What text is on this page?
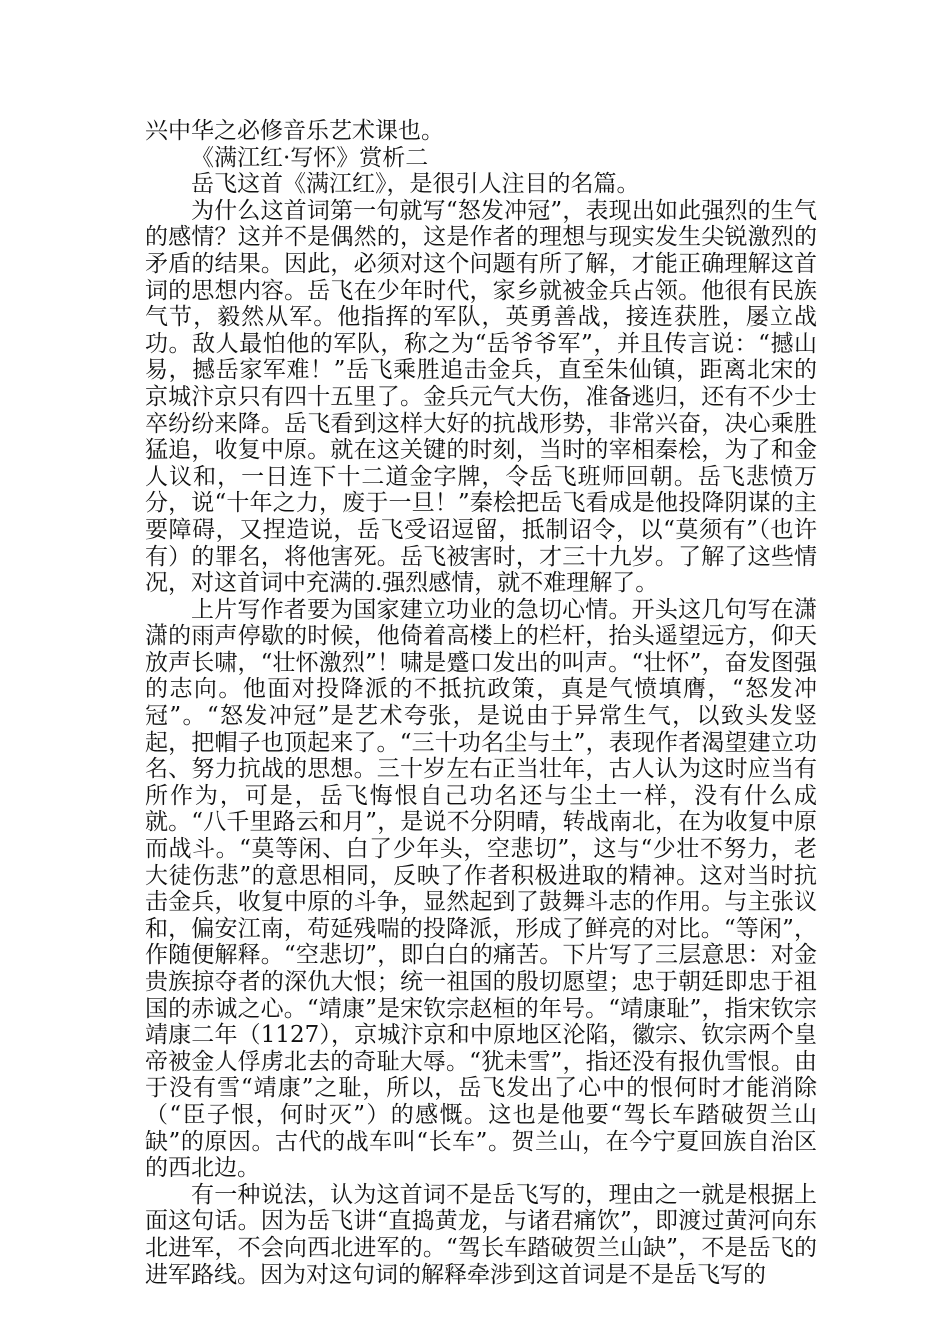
兴中华之必修音乐艺术课也。

《满江红·写怀》赏析二

岳飞这首《满江红》，是很引人注目的名篇。

为什么这首词第一句就写“怒发冲冠”，表现出如此强烈的生气的感情？这并不是偶然的，这是作者的理想与现实发生尖锐激烈的矛盾的结果。因此，必须对这个问题有所了解，才能正确理解这首词的思想内容。岳飞在少年时代，家乡就被金兵占领。他很有民族气节，毅然从军。他指挥的军队，英勇善战，接连获胜，屡立战功。敌人最怕他的军队，称之为“岳爷爷军”，并且传言说：“撼山易，撼岳家军难！”岳飞乘胜追击金兵，直至朱仙镇，距离北宋的京城汴京只有四十五里了。金兵元气大伤，准备逃归，还有不少士卒纷纷来降。岳飞看到这样大好的抗战形势，非常兴奋，决心乘胜猛追，收复中原。就在这关键的时刻，当时的宰相秦桧，为了和金人议和，一日连下十二道金字牌，令岳飞班师回朝。岳飞悲愤万分，说“十年之力，废于一旦！”秦桧把岳飞看成是他投降阴谋的主要障碍，又捏造说，岳飞受诏逗留，抵制诏令，以“莫须有”（也许有）的罪名，将他害死。岳飞被害时，才三十九岁。了解了这些情况，对这首词中充满的.强烈感情，就不难理解了。

上片写作者要为国家建立功业的急切心情。开头这几句写在潇潇的雨声停歇的时候，他倚着高楼上的栏杆，抬头遥望远方，仰天放声长啸，“壮怀激烈”！啸是蹙口发出的叫声。“壮怀”，奋发图强的志向。他面对投降派的不抵抗政策，真是气愤填膺，“怒发冲冠”。“怒发冲冠”是艺术夸张，是说由于异常生气，以致头发竖起，把帽子也顶起来了。“三十功名尘与土”，表现作者渴望建立功名、努力抗战的思想。三十岁左右正当壮年，古人认为这时应当有所作为，可是，岳飞悔恨自己功名还与尘土一样，没有什么成就。“八千里路云和月”，是说不分阴晴，转战南北，在为收复中原而战斗。“莫等闲、白了少年头，空悲切”，这与“少壮不努力，老大徒伤悲”的意思相同，反映了作者积极进取的精神。这对当时抗击金兵，收复中原的斗争，显然起到了鼓舞斗志的作用。与主张议和，偏安江南，苟延残喘的投降派，形成了鲜亮的对比。“等闲”，作随便解释。“空悲切”，即白白的痛苦。下片写了三层意思：对金贵族掠夺者的深仇大恨；统一祖国的殷切愿望；忠于朝廷即忠于祖国的赤诚之心。“靖康”是宋钦宗赵桓的年号。“靖康耻”，指宋钦宗靖康二年（1127），京城汴京和中原地区沦陷，徽宗、钦宗两个皇帝被金人俘虏北去的奇耻大辱。“犹未雪”，指还没有报仇雪恨。由于没有雪“靖康”之耻，所以，岳飞发出了心中的恨何时才能消除（“臣子恨，何时灭”）的感慨。这也是他要“驾长车踏破贺兰山缺”的原因。古代的战车叫“长车”。贺兰山，在今宁夏回族自治区的西北边。

有一种说法，认为这首词不是岳飞写的，理由之一就是根据上面这句话。因为岳飞讲“直捣黄龙，与诸君痛饮”，即渡过黄河向东北进军，不会向西北进军的。“驾长车踏破贺兰山缺”，不是岳飞的进军路线。因为对这句词的解释牵涉到这首词是不是岳飞写的
